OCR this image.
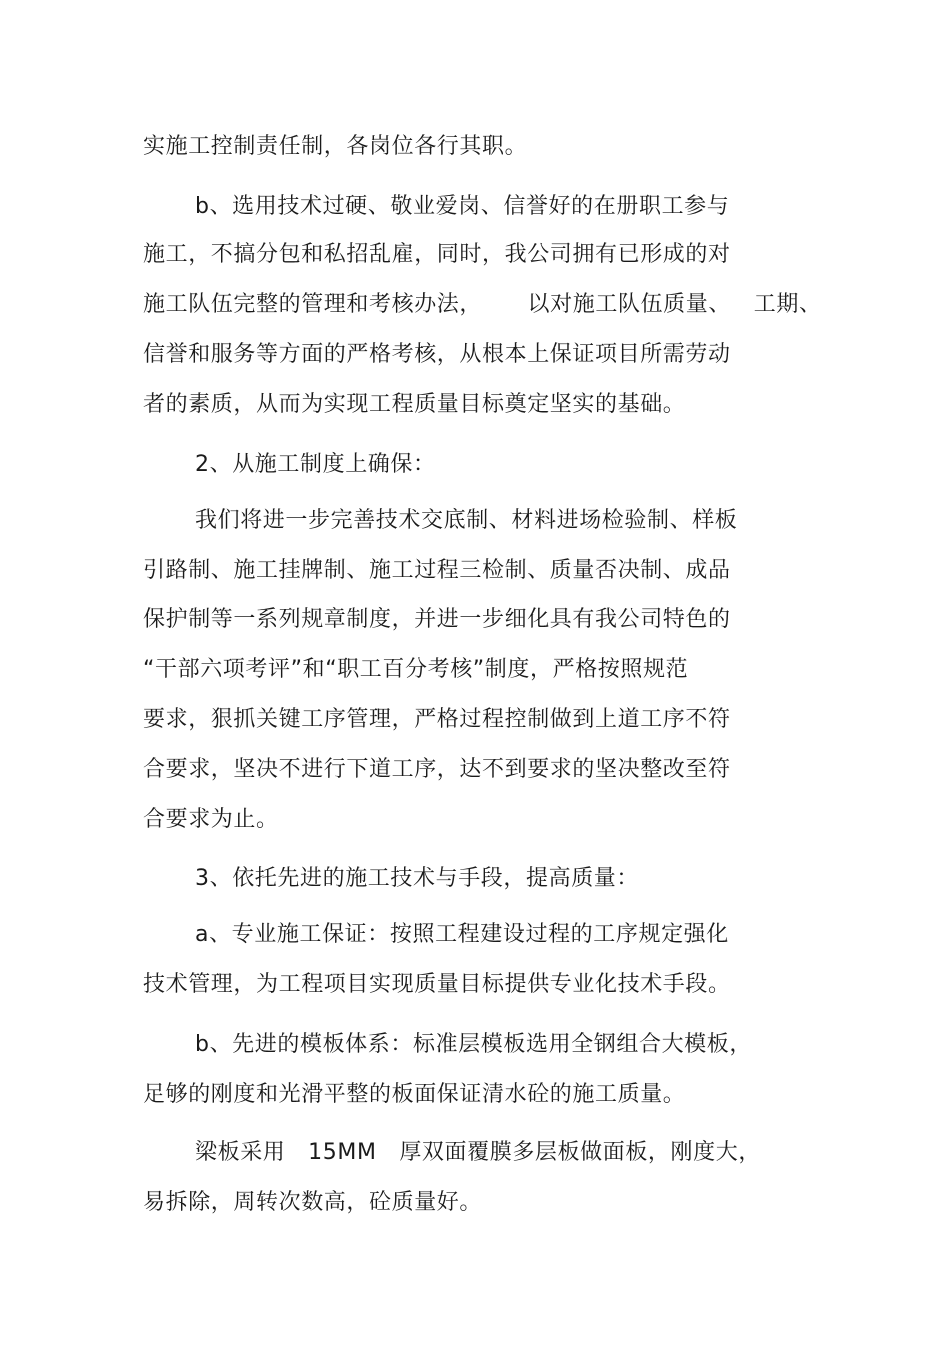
实施工控制责任制，各岗位各行其职。
b、选用技术过硬、敬业爱岗、信誉好的在册职工参与
施工，不搞分包和私招乱雇，同时，我公司拥有已形成的对
施工队伍完整的管理和考核办法，      以对施工队伍质量、   工期、
信誉和服务等方面的严格考核，从根本上保证项目所需劳动
者的素质，从而为实现工程质量目标奠定坚实的基础。
2、从施工制度上确保：
我们将进一步完善技术交底制、材料进场检验制、样板
引路制、施工挂牌制、施工过程三检制、质量否决制、成品
保护制等一系列规章制度，并进一步细化具有我公司特色的
“干部六项考评”和“职工百分考核”制度，严格按照规范
要求，狠抓关键工序管理，严格过程控制做到上道工序不符
合要求，坚决不进行下道工序，达不到要求的坚决整改至符
合要求为止。
3、依托先进的施工技术与手段，提高质量：
a、专业施工保证：按照工程建设过程的工序规定强化
技术管理，为工程项目实现质量目标提供专业化技术手段。
b、先进的模板体系：标准层模板选用全钢组合大模板，
足够的刚度和光滑平整的板面保证清水砼的施工质量。
梁板采用   15MM   厚双面覆膜多层板做面板，刚度大，
易拆除，周转次数高，砼质量好。
